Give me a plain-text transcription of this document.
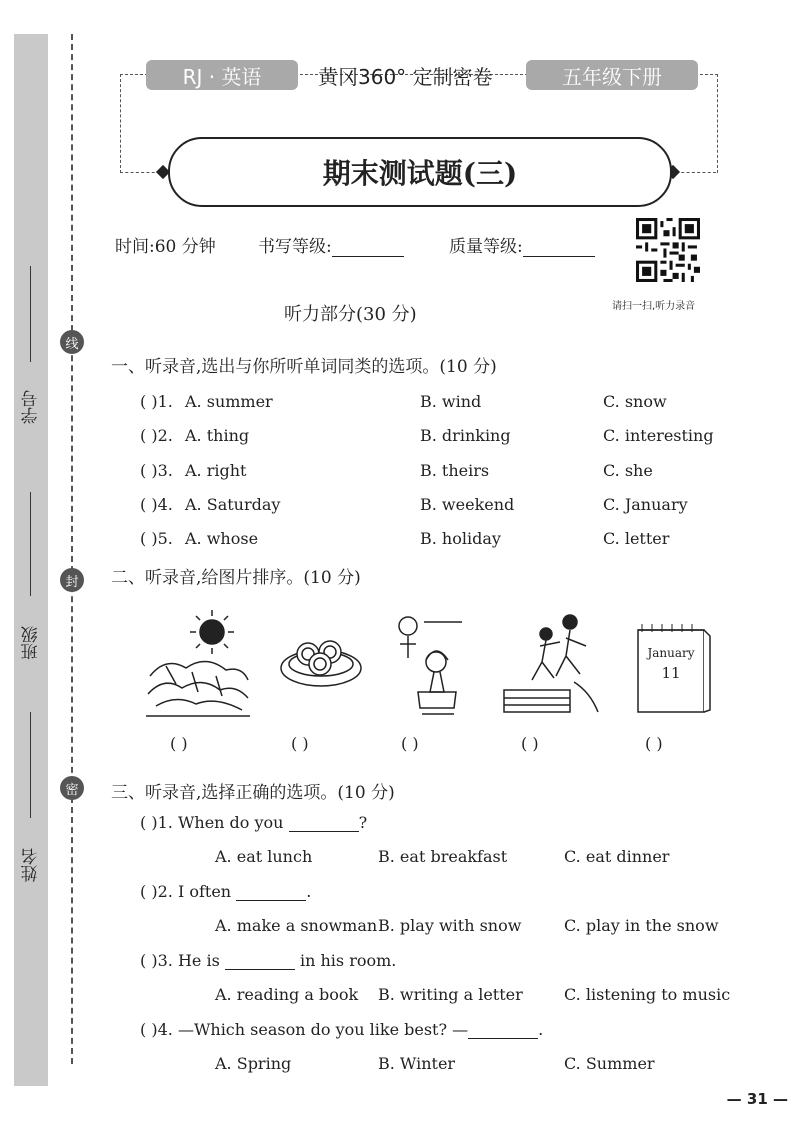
学号
班级
姓名
线
封
密
RJ · 英语	黄冈360° 定制密卷	五年级下册
期末测试题(三)
时间:60 分钟 书写等级:	质量等级:
请扫一扫,听力录音
听力部分(30 分)
一、听录音,选出与你所听单词同类的选项。(10 分)
( )1. A. summer	B. wind	C. snow
( )2. A. thing	B. drinking	C. interesting
( )3. A. right	B. theirs	C. she
( )4. A. Saturday	B. weekend	C. January
( )5. A. whose	B. holiday	C. letter
二、听录音,给图片排序。(10 分)
January
11
( )	( )	( )	( )	( )
三、听录音,选择正确的选项。(10 分)
( )1. When do you	?
A. eat lunch	B. eat breakfast	C. eat dinner
( )2. I often	.
A. make a snowman B. play with snow	C. play in the snow
( )3. He is	in his room.
A. reading a book B. writing a letter	C. listening to music
( )4. —Which season do you like best? —	.
A. Spring	B. Winter	C. Summer
— 31 —
